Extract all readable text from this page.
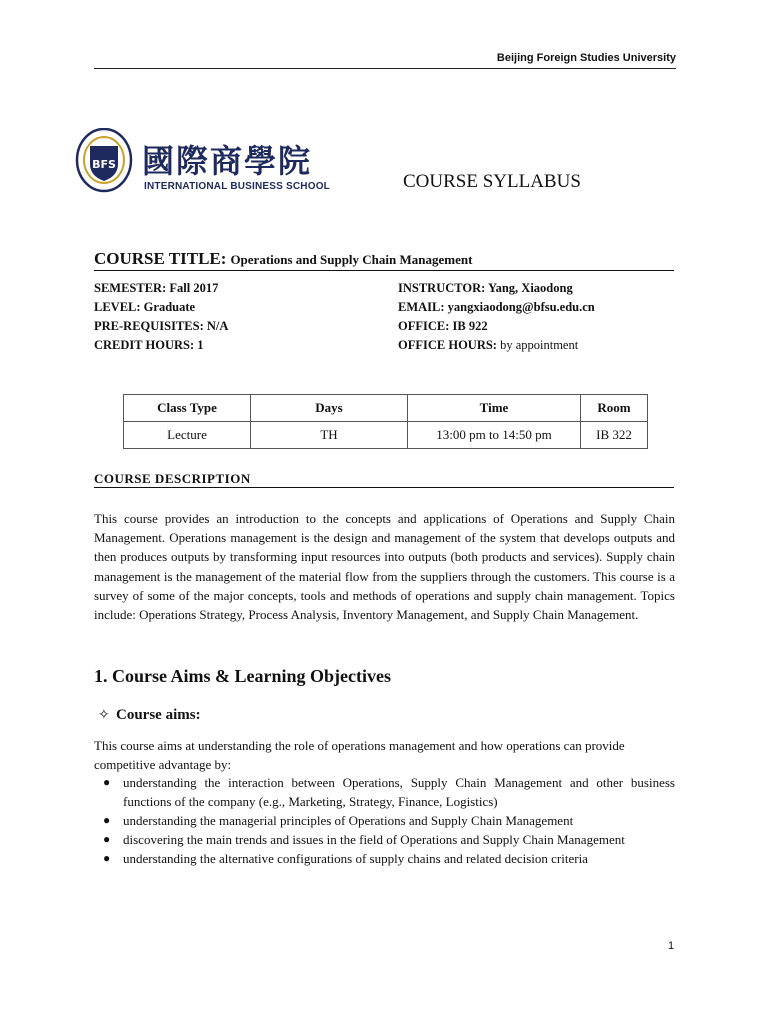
Beijing Foreign Studies University
BFS 國際商學院
INTERNATIONAL BUSINESS SCHOOL	COURSE SYLLABUS
COURSE TITLE: Operations and Supply Chain Management
SEMESTER: Fall 2017
LEVEL: Graduate
PRE-REQUISITES: N/A
CREDIT HOURS: 1
INSTRUCTOR: Yang, Xiaodong
EMAIL: yangxiaodong@bfsu.edu.cn
OFFICE: IB 922
OFFICE HOURS: by appointment
Class Type	Days	Time	Room
Lecture	TH	13:00 pm to 14:50 pm	IB 322
COURSE DESCRIPTION
This course provides an introduction to the concepts and applications of Operations and Supply Chain Management. Operations management is the design and management of the system that develops outputs and then produces outputs by transforming input resources into outputs (both products and services). Supply chain management is the management of the material flow from the suppliers through the customers. This course is a survey of some of the major concepts, tools and methods of operations and supply chain management. Topics include: Operations Strategy, Process Analysis, Inventory Management, and Supply Chain Management.
1. Course Aims & Learning Objectives
✧ Course aims:
This course aims at understanding the role of operations management and how operations can provide competitive advantage by:
● understanding the interaction between Operations, Supply Chain Management and other business functions of the company (e.g., Marketing, Strategy, Finance, Logistics)
● understanding the managerial principles of Operations and Supply Chain Management
● discovering the main trends and issues in the field of Operations and Supply Chain Management
● understanding the alternative configurations of supply chains and related decision criteria
1
